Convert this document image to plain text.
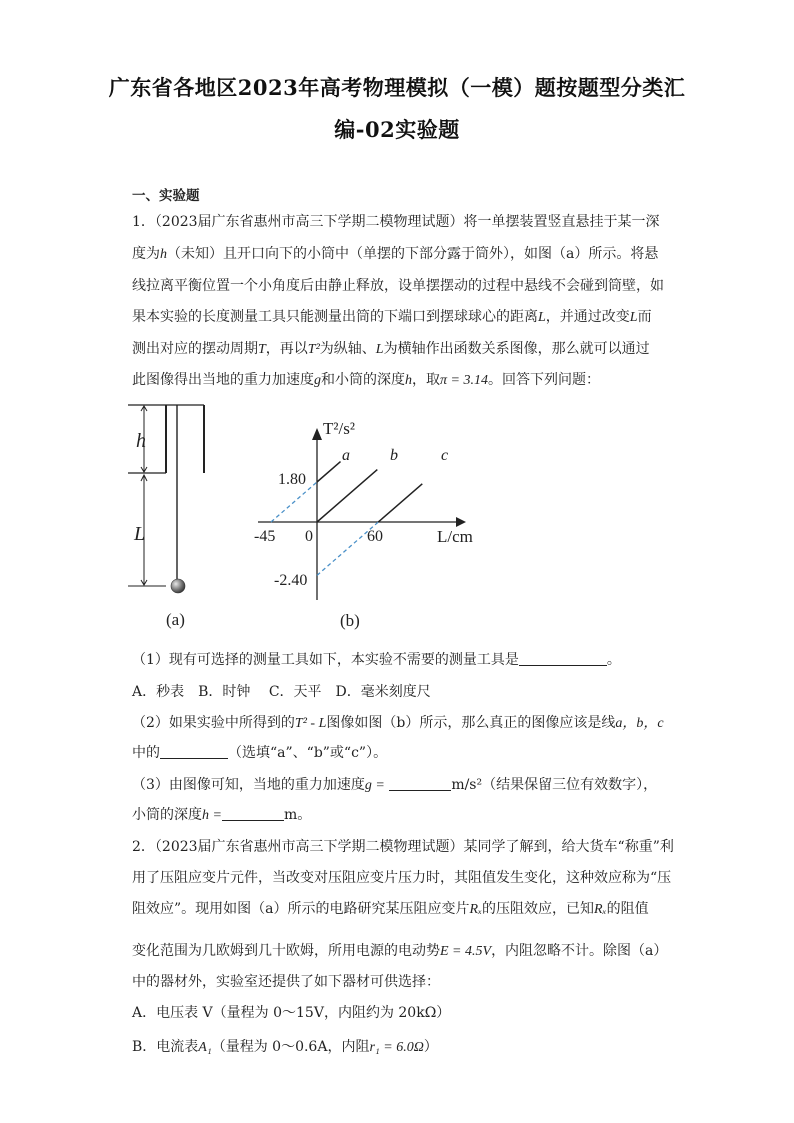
广东省各地区2023年高考物理模拟（一模）题按题型分类汇
编-02实验题
一、实验题
1．（2023届广东省惠州市高三下学期二模物理试题）将一单摆装置竖直悬挂于某一深
度为h（未知）且开口向下的小筒中（单摆的下部分露于筒外），如图（a）所示。将悬
线拉离平衡位置一个小角度后由静止释放，设单摆摆动的过程中悬线不会碰到筒壁，如
果本实验的长度测量工具只能测量出筒的下端口到摆球球心的距离L，并通过改变L而
测出对应的摆动周期T，再以T²为纵轴、L为横轴作出函数关系图像，那么就可以通过
此图像得出当地的重力加速度g和小筒的深度h，取π = 3.14。回答下列问题：
h
L
(a)
T²/s²
L/cm
1.80
-2.40
-45 0	60
a	b	c
(b)
（1）现有可选择的测量工具如下，本实验不需要的测量工具是	。
A．秒表　B．时钟　 C．天平　D．毫米刻度尺
（2）如果实验中所得到的T² - L图像如图（b）所示，那么真正的图像应该是线a，b，c
中的	（选填“a”、“b”或“c”）。
（3）由图像可知，当地的重力加速度g =	m/s²（结果保留三位有效数字），
小筒的深度h =	m。
2．（2023届广东省惠州市高三下学期二模物理试题）某同学了解到，给大货车“称重”利
用了压阻应变片元件，当改变对压阻应变片压力时，其阻值发生变化，这种效应称为“压
阻效应”。现用如图（a）所示的电路研究某压阻应变片Rₓ的压阻效应，已知Rₓ的阻值
变化范围为几欧姆到几十欧姆，所用电源的电动势E = 4.5V，内阻忽略不计。除图（a）
中的器材外，实验室还提供了如下器材可供选择：
A．电压表 V（量程为 0～15V，内阻约为 20kΩ）
B．电流表A₁（量程为 0～0.6A，内阻r₁ = 6.0Ω）
